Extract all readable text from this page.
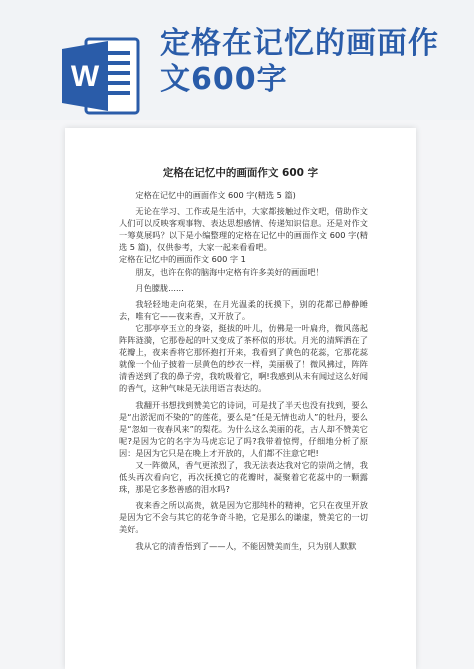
W
定格在记忆的画面作文600字
定格在记忆中的画面作文 600 字

定格在记忆中的画面作文 600 字(精选 5 篇)

无论在学习、工作或是生活中，大家都接触过作文吧，借助作文人们可以反映客观事物、表达思想感情、传递知识信息。还是对作文一筹莫展吗？以下是小编整理的定格在记忆中的画面作文 600 字(精选 5 篇)，仅供参考，大家一起来看看吧。

定格在记忆中的画面作文 600 字 1

朋友，也许在你的脑海中定格有许多美好的画面吧！

月色朦胧......

我轻轻地走向花架，在月光温柔的抚摸下，别的花都已静静睡去，唯有它——夜来香，又开放了。

它那亭亭玉立的身姿，挺拔的叶儿，仿佛是一叶扁舟，微风荡起阵阵涟漪，它那卷起的叶又变成了茶杯似的形状。月光的清辉洒在了花瓣上，夜来香将它那怀抱打开来，我看到了黄色的花蕊，它那花蕊就像一个仙子披着一层黄色的纱衣一样，美丽极了！微风拂过，阵阵清香送到了我的鼻子旁，我吮吸着它，啊!我感到从未有闻过这么好闻的香气，这种气味是无法用语言表达的。

我翻开书想找到赞美它的诗词，可是找了半天也没有找到，要么是“出淤泥而不染的”的莲花，要么是“任是无情也动人”的牡丹，要么是“忽如一夜春风来”的梨花。为什么这么美丽的花，古人却不赞美它呢?是因为它的名字为马虎忘记了吗?我带着惊愕，仔细地分析了原因：是因为它只是在晚上才开放的，人们都不注意它吧!

又一阵微风，香气更浓烈了，我无法表达我对它的崇尚之情，我低头再次看向它，再次抚摸它的花瓣时，凝聚着它花蕊中的一颗露珠，那是它多愁善感的泪水吗?

夜来香之所以高贵，就是因为它那纯朴的精神，它只在夜里开放是因为它不会与其它的花争奇斗艳，它是那么的谦虚，赞美它的一切美好。

我从它的清香悟到了——人，不能因赞美而生，只为别人默默
